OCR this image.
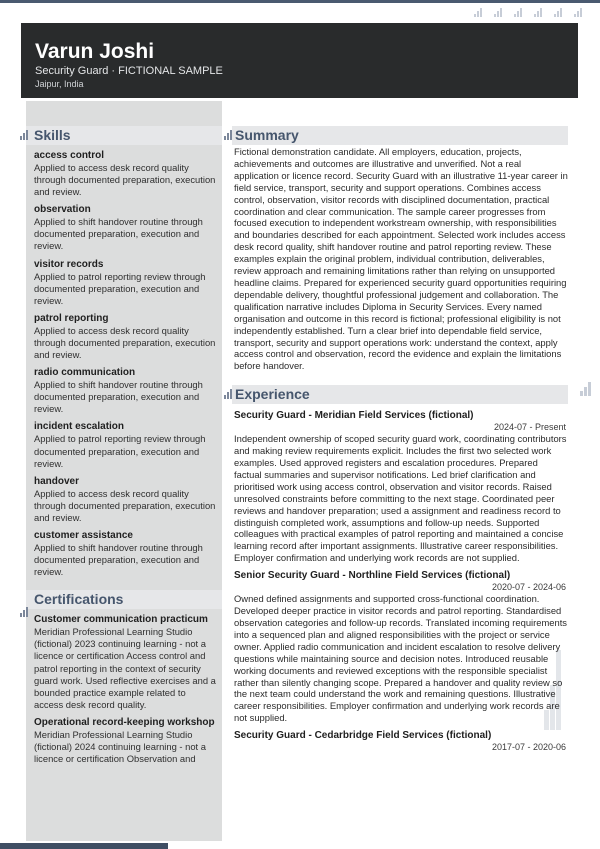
Varun Joshi
Security Guard · FICTIONAL SAMPLE
Jaipur, India
Skills
access control
Applied to access desk record quality through documented preparation, execution and review.
observation
Applied to shift handover routine through documented preparation, execution and review.
visitor records
Applied to patrol reporting review through documented preparation, execution and review.
patrol reporting
Applied to access desk record quality through documented preparation, execution and review.
radio communication
Applied to shift handover routine through documented preparation, execution and review.
incident escalation
Applied to patrol reporting review through documented preparation, execution and review.
handover
Applied to access desk record quality through documented preparation, execution and review.
customer assistance
Applied to shift handover routine through documented preparation, execution and review.
Certifications
Customer communication practicum
Meridian Professional Learning Studio (fictional) 2023 continuing learning - not a licence or certification Access control and patrol reporting in the context of security guard work. Used reflective exercises and a bounded practice example related to access desk record quality.
Operational record-keeping workshop
Meridian Professional Learning Studio (fictional) 2024 continuing learning - not a licence or certification Observation and
Summary

Fictional demonstration candidate. All employers, education, projects, achievements and outcomes are illustrative and unverified. Not a real application or licence record. Security Guard with an illustrative 11-year career in field service, transport, security and support operations. Combines access control, observation, visitor records with disciplined documentation, practical coordination and clear communication. The sample career progresses from focused execution to independent workstream ownership, with responsibilities and boundaries described for each appointment. Selected work includes access desk record quality, shift handover routine and patrol reporting review. These examples explain the original problem, individual contribution, deliverables, review approach and remaining limitations rather than relying on unsupported headline claims. Prepared for experienced security guard opportunities requiring dependable delivery, thoughtful professional judgement and collaboration. The qualification narrative includes Diploma in Security Services. Every named organisation and outcome in this record is fictional; professional eligibility is not independently established. Turn a clear brief into dependable field service, transport, security and support operations work: understand the context, apply access control and observation, record the evidence and explain the limitations before handover.

Experience
Security Guard - Meridian Field Services (fictional)
2024-07 - Present
Independent ownership of scoped security guard work, coordinating contributors and making review requirements explicit. Includes the first two selected work examples. Used approved registers and escalation procedures. Prepared factual summaries and supervisor notifications. Led brief clarification and prioritised work using access control, observation and visitor records. Raised unresolved constraints before committing to the next stage. Coordinated peer reviews and handover preparation; used a assignment and readiness record to distinguish completed work, assumptions and follow-up needs. Supported colleagues with practical examples of patrol reporting and maintained a concise learning record after important assignments. Illustrative career responsibilities. Employer confirmation and underlying work records are not supplied.
Senior Security Guard - Northline Field Services (fictional)
2020-07 - 2024-06
Owned defined assignments and supported cross-functional coordination. Developed deeper practice in visitor records and patrol reporting. Standardised observation categories and follow-up records. Translated incoming requirements into a sequenced plan and aligned responsibilities with the project or service owner. Applied radio communication and incident escalation to resolve delivery questions while maintaining source and decision notes. Introduced reusable working documents and reviewed exceptions with the responsible specialist rather than silently changing scope. Prepared a handover and quality review so the next team could understand the work and remaining questions. Illustrative career responsibilities. Employer confirmation and underlying work records are not supplied.
Security Guard - Cedarbridge Field Services (fictional)
2017-07 - 2020-06
